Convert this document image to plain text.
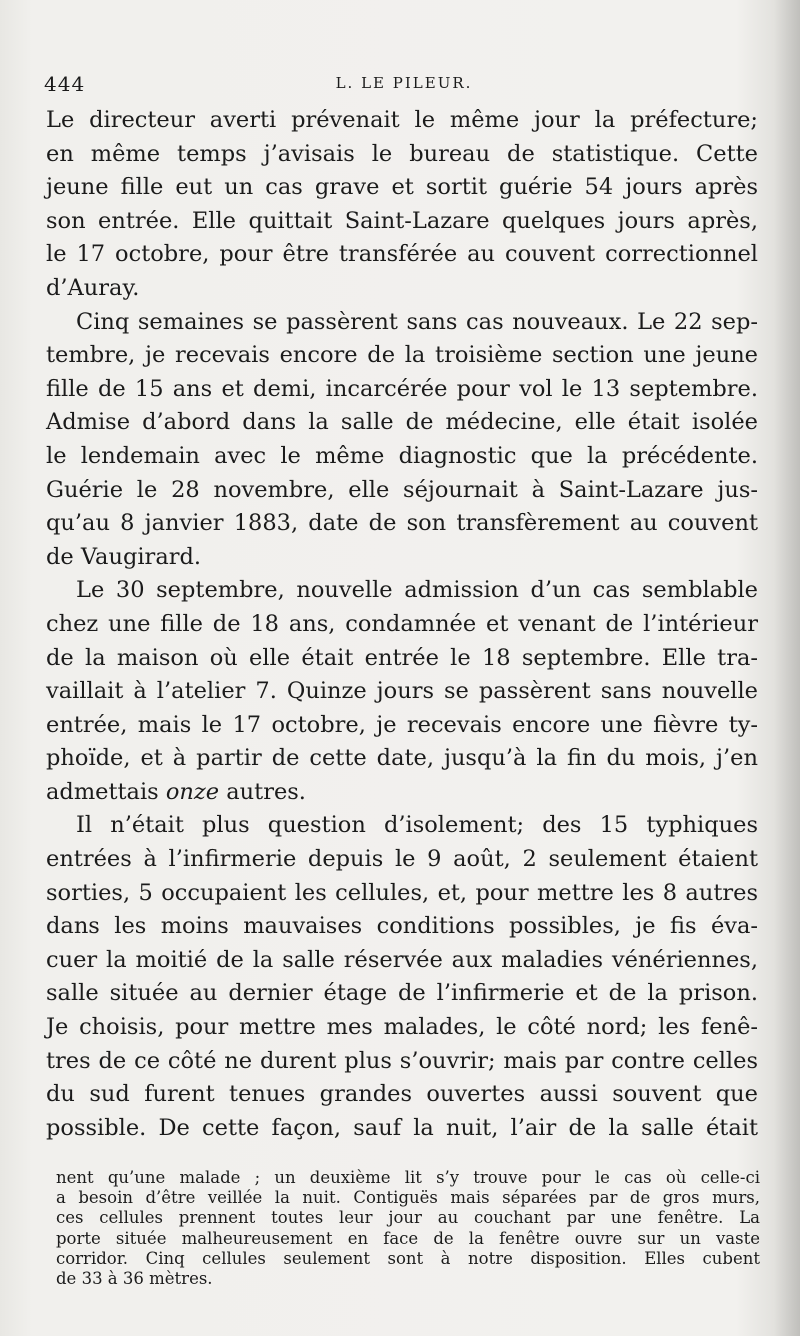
444	L. LE PILEUR.
Le directeur averti prévenait le même jour la préfecture;
en même temps j’avisais le bureau de statistique. Cette
jeune fille eut un cas grave et sortit guérie 54 jours après
son entrée. Elle quittait Saint-Lazare quelques jours après,
le 17 octobre, pour être transférée au couvent correctionnel
d’Auray.
Cinq semaines se passèrent sans cas nouveaux. Le 22 sep-
tembre, je recevais encore de la troisième section une jeune
fille de 15 ans et demi, incarcérée pour vol le 13 septembre.
Admise d’abord dans la salle de médecine, elle était isolée
le lendemain avec le même diagnostic que la précédente.
Guérie le 28 novembre, elle séjournait à Saint-Lazare jus-
qu’au 8 janvier 1883, date de son transfèrement au couvent
de Vaugirard.
Le 30 septembre, nouvelle admission d’un cas semblable
chez une fille de 18 ans, condamnée et venant de l’intérieur
de la maison où elle était entrée le 18 septembre. Elle tra-
vaillait à l’atelier 7. Quinze jours se passèrent sans nouvelle
entrée, mais le 17 octobre, je recevais encore une fièvre ty-
phoïde, et à partir de cette date, jusqu’à la fin du mois, j’en
admettais onze autres.
Il n’était plus question d’isolement; des 15 typhiques
entrées à l’infirmerie depuis le 9 août, 2 seulement étaient
sorties, 5 occupaient les cellules, et, pour mettre les 8 autres
dans les moins mauvaises conditions possibles, je fis éva-
cuer la moitié de la salle réservée aux maladies vénériennes,
salle située au dernier étage de l’infirmerie et de la prison.
Je choisis, pour mettre mes malades, le côté nord; les fenê-
tres de ce côté ne durent plus s’ouvrir; mais par contre celles
du sud furent tenues grandes ouvertes aussi souvent que
possible. De cette façon, sauf la nuit, l’air de la salle était
nent qu’une malade ; un deuxième lit s’y trouve pour le cas où celle-ci
a besoin d’être veillée la nuit. Contiguës mais séparées par de gros murs,
ces cellules prennent toutes leur jour au couchant par une fenêtre. La
porte située malheureusement en face de la fenêtre ouvre sur un vaste
corridor. Cinq cellules seulement sont à notre disposition. Elles cubent
de 33 à 36 mètres.
